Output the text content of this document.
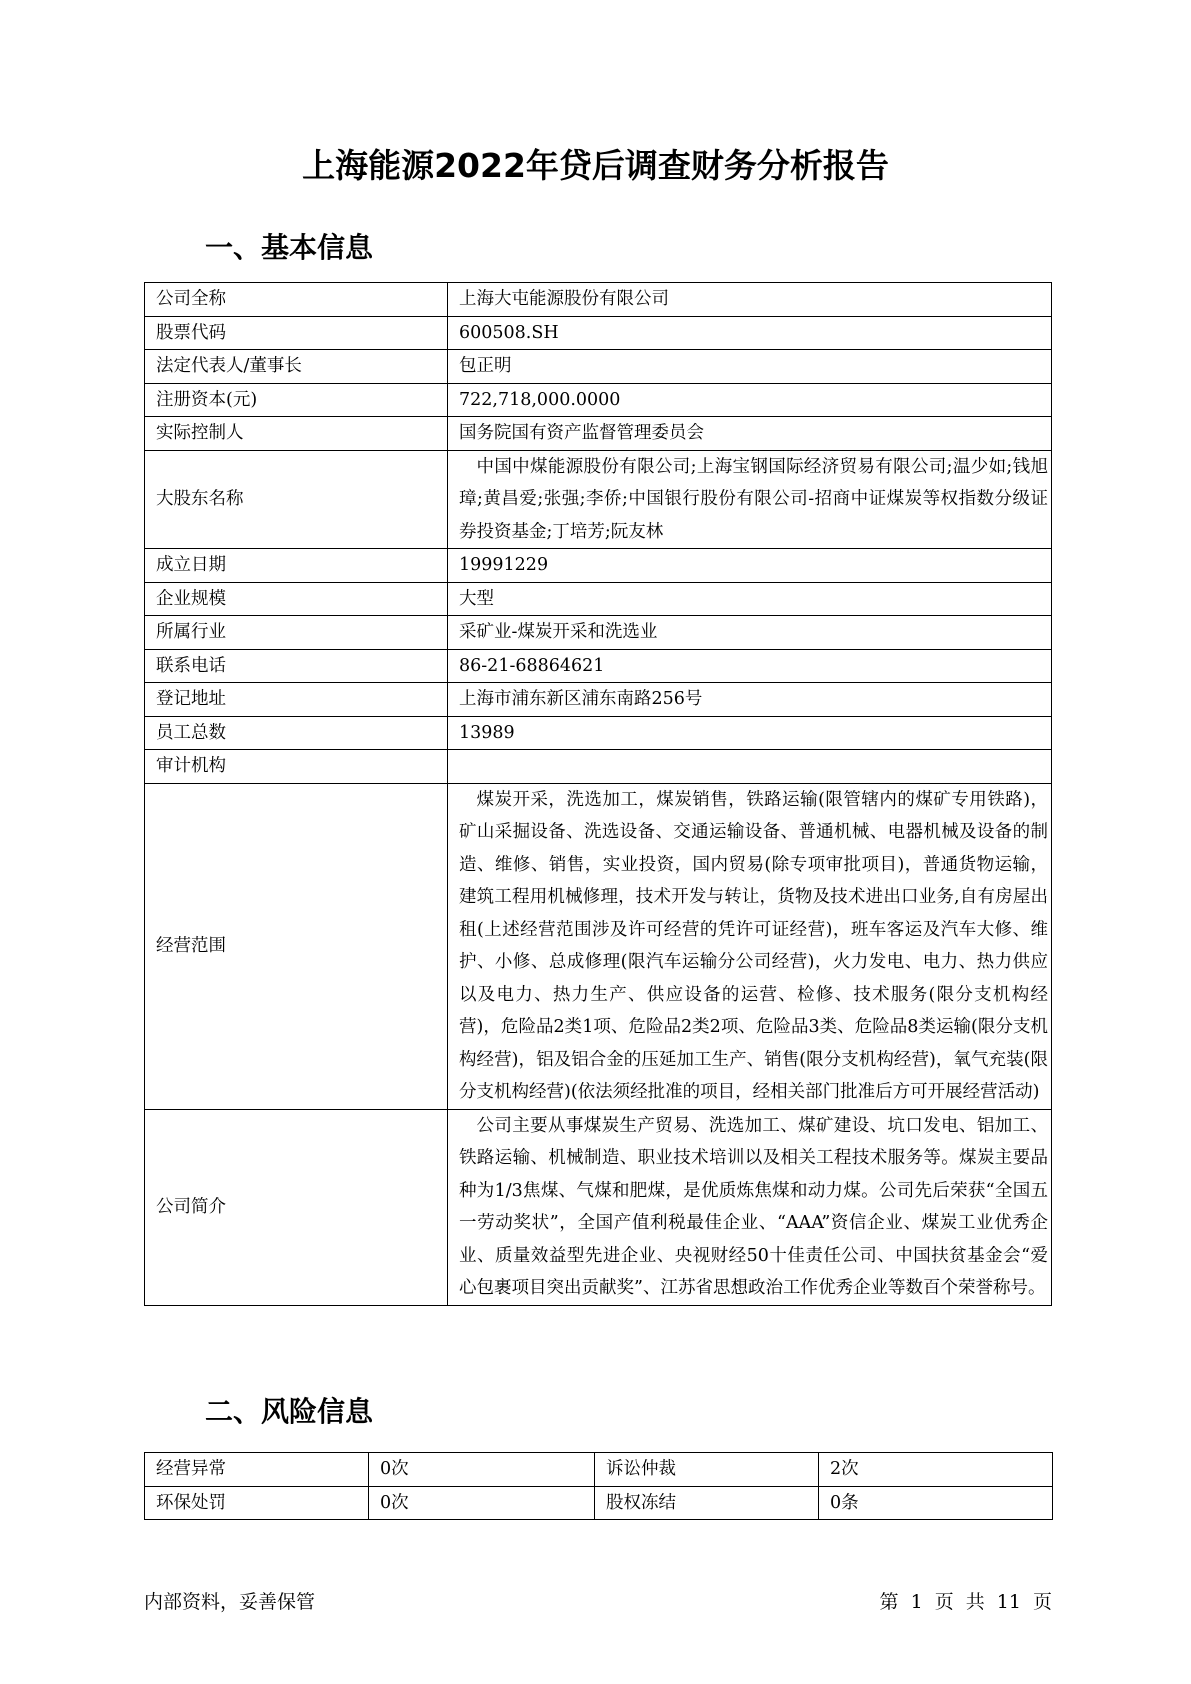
上海能源2022年贷后调查财务分析报告
一、基本信息
公司全称	上海大屯能源股份有限公司
股票代码	600508.SH
法定代表人/董事长	包正明
注册资本(元)	722,718,000.0000
实际控制人	国务院国有资产监督管理委员会
大股东名称	中国中煤能源股份有限公司;上海宝钢国际经济贸易有限公司;温少如;钱旭璋;黄昌爱;张强;李侨;中国银行股份有限公司-招商中证煤炭等权指数分级证券投资基金;丁培芳;阮友林
成立日期	19991229
企业规模	大型
所属行业	采矿业-煤炭开采和洗选业
联系电话	86-21-68864621
登记地址	上海市浦东新区浦东南路256号
员工总数	13989
审计机构	
经营范围	煤炭开采，洗选加工，煤炭销售，铁路运输(限管辖内的煤矿专用铁路)，矿山采掘设备、洗选设备、交通运输设备、普通机械、电器机械及设备的制造、维修、销售，实业投资，国内贸易(除专项审批项目)，普通货物运输，建筑工程用机械修理，技术开发与转让，货物及技术进出口业务,自有房屋出租(上述经营范围涉及许可经营的凭许可证经营)，班车客运及汽车大修、维护、小修、总成修理(限汽车运输分公司经营)，火力发电、电力、热力供应以及电力、热力生产、供应设备的运营、检修、技术服务(限分支机构经营)，危险品2类1项、危险品2类2项、危险品3类、危险品8类运输(限分支机构经营)，铝及铝合金的压延加工生产、销售(限分支机构经营)，氧气充装(限分支机构经营)(依法须经批准的项目，经相关部门批准后方可开展经营活动)
公司简介	公司主要从事煤炭生产贸易、洗选加工、煤矿建设、坑口发电、铝加工、铁路运输、机械制造、职业技术培训以及相关工程技术服务等。煤炭主要品种为1/3焦煤、气煤和肥煤，是优质炼焦煤和动力煤。公司先后荣获“全国五一劳动奖状”，全国产值利税最佳企业、“AAA”资信企业、煤炭工业优秀企业、质量效益型先进企业、央视财经50十佳责任公司、中国扶贫基金会“爱心包裹项目突出贡献奖”、江苏省思想政治工作优秀企业等数百个荣誉称号。
二、风险信息
经营异常	0次	诉讼仲裁	2次
环保处罚	0次	股权冻结	0条
内部资料，妥善保管	第 1 页 共 11 页
